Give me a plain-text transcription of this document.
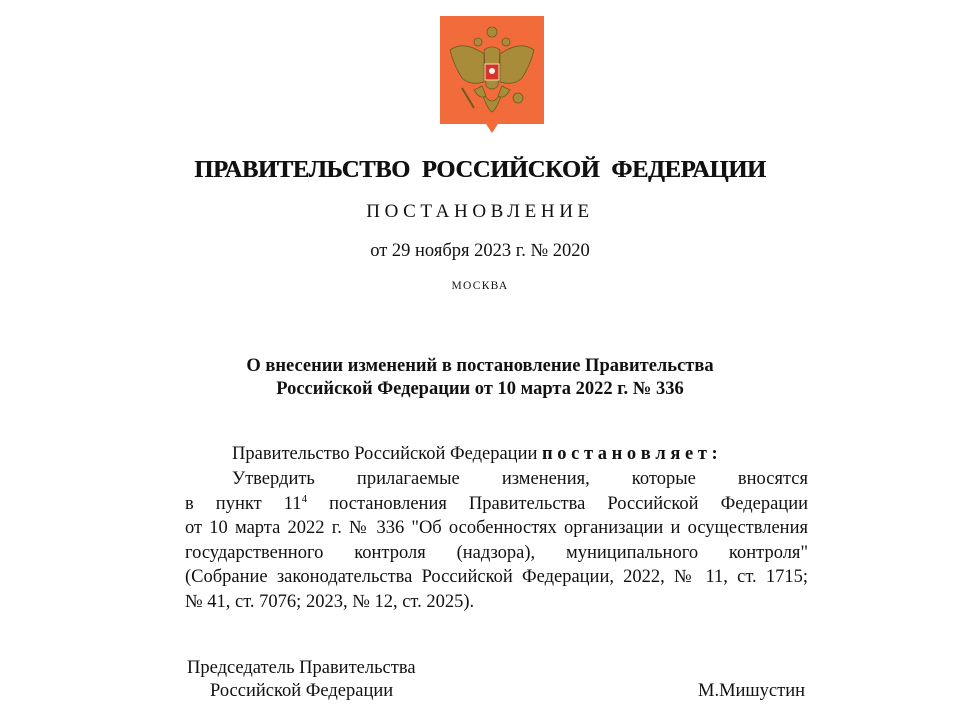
ПРАВИТЕЛЬСТВО РОССИЙСКОЙ ФЕДЕРАЦИИ
ПОСТАНОВЛЕНИЕ
от 29 ноября 2023 г. № 2020
МОСКВА
О внесении изменений в постановление Правительства
Российской Федерации от 10 марта 2022 г. № 336
Правительство Российской Федерации п о с т а н о в л я е т :
Утвердить прилагаемые изменения, которые вносятся
в пункт $11^4$ постановления Правительства Российской Федерации
от 10 марта 2022 г. № 336 "Об особенностях организации и осуществления
государственного контроля (надзора), муниципального контроля"
(Собрание законодательства Российской Федерации, 2022, № 11, ст. 1715;
№ 41, ст. 7076; 2023, № 12, ст. 2025).
Председатель Правительства
Российской Федерации	М.Мишустин
